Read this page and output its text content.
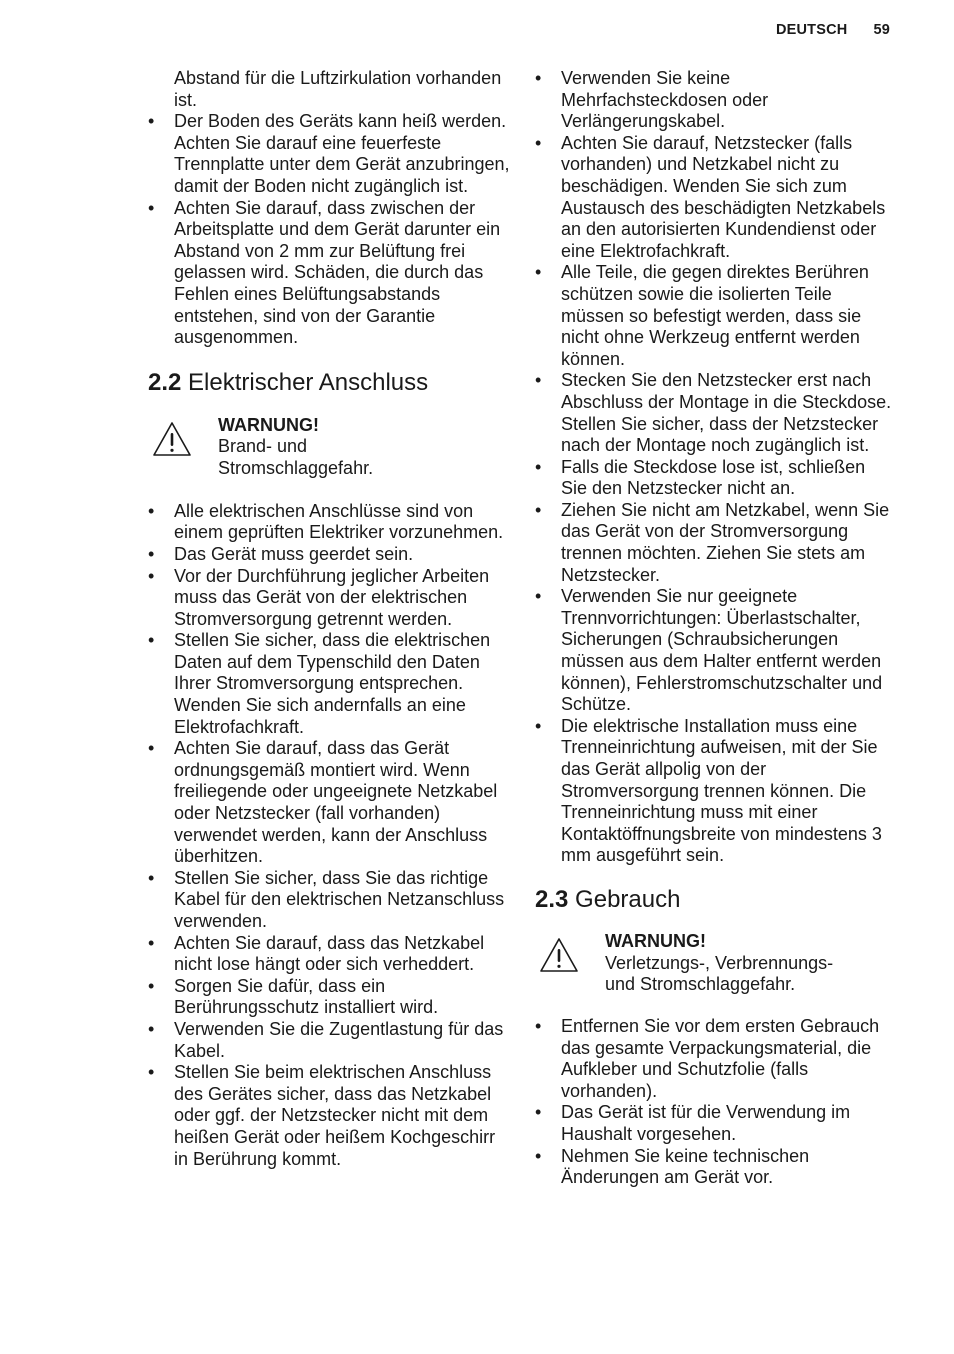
DEUTSCH 59

Abstand für die Luftzirkulation vorhanden ist.

• Der Boden des Geräts kann heiß werden. Achten Sie darauf eine feuerfeste Trennplatte unter dem Gerät anzubringen, damit der Boden nicht zugänglich ist.
• Achten Sie darauf, dass zwischen der Arbeitsplatte und dem Gerät darunter ein Abstand von 2 mm zur Belüftung frei gelassen wird. Schäden, die durch das Fehlen eines Belüftungsabstands entstehen, sind von der Garantie ausgenommen.
2.2 Elektrischer Anschluss
WARNUNG!
Brand- und Stromschlaggefahr.
• Alle elektrischen Anschlüsse sind von einem geprüften Elektriker vorzunehmen.
• Das Gerät muss geerdet sein.
• Vor der Durchführung jeglicher Arbeiten muss das Gerät von der elektrischen Stromversorgung getrennt werden.
• Stellen Sie sicher, dass die elektrischen Daten auf dem Typenschild den Daten Ihrer Stromversorgung entsprechen. Wenden Sie sich andernfalls an eine Elektrofachkraft.
• Achten Sie darauf, dass das Gerät ordnungsgemäß montiert wird. Wenn freiliegende oder ungeeignete Netzkabel oder Netzstecker (fall vorhanden) verwendet werden, kann der Anschluss überhitzen.
• Stellen Sie sicher, dass Sie das richtige Kabel für den elektrischen Netzanschluss verwenden.
• Achten Sie darauf, dass das Netzkabel nicht lose hängt oder sich verheddert.
• Sorgen Sie dafür, dass ein Berührungsschutz installiert wird.
• Verwenden Sie die Zugentlastung für das Kabel.
• Stellen Sie beim elektrischen Anschluss des Gerätes sicher, dass das Netzkabel oder ggf. der Netzstecker nicht mit dem heißen Gerät oder heißem Kochgeschirr in Berührung kommt.
• Verwenden Sie keine Mehrfachsteckdosen oder Verlängerungskabel.
• Achten Sie darauf, Netzstecker (falls vorhanden) und Netzkabel nicht zu beschädigen. Wenden Sie sich zum Austausch des beschädigten Netzkabels an den autorisierten Kundendienst oder eine Elektrofachkraft.
• Alle Teile, die gegen direktes Berühren schützen sowie die isolierten Teile müssen so befestigt werden, dass sie nicht ohne Werkzeug entfernt werden können.
• Stecken Sie den Netzstecker erst nach Abschluss der Montage in die Steckdose. Stellen Sie sicher, dass der Netzstecker nach der Montage noch zugänglich ist.
• Falls die Steckdose lose ist, schließen Sie den Netzstecker nicht an.
• Ziehen Sie nicht am Netzkabel, wenn Sie das Gerät von der Stromversorgung trennen möchten. Ziehen Sie stets am Netzstecker.
• Verwenden Sie nur geeignete Trennvorrichtungen: Überlastschalter, Sicherungen (Schraubsicherungen müssen aus dem Halter entfernt werden können), Fehlerstromschutzschalter und Schütze.
• Die elektrische Installation muss eine Trenneinrichtung aufweisen, mit der Sie das Gerät allpolig von der Stromversorgung trennen können. Die Trenneinrichtung muss mit einer Kontaktöffnungsbreite von mindestens 3 mm ausgeführt sein.
2.3 Gebrauch
WARNUNG!
Verletzungs-, Verbrennungs- und Stromschlaggefahr.
• Entfernen Sie vor dem ersten Gebrauch das gesamte Verpackungsmaterial, die Aufkleber und Schutzfolie (falls vorhanden).
• Das Gerät ist für die Verwendung im Haushalt vorgesehen.
• Nehmen Sie keine technischen Änderungen am Gerät vor.
